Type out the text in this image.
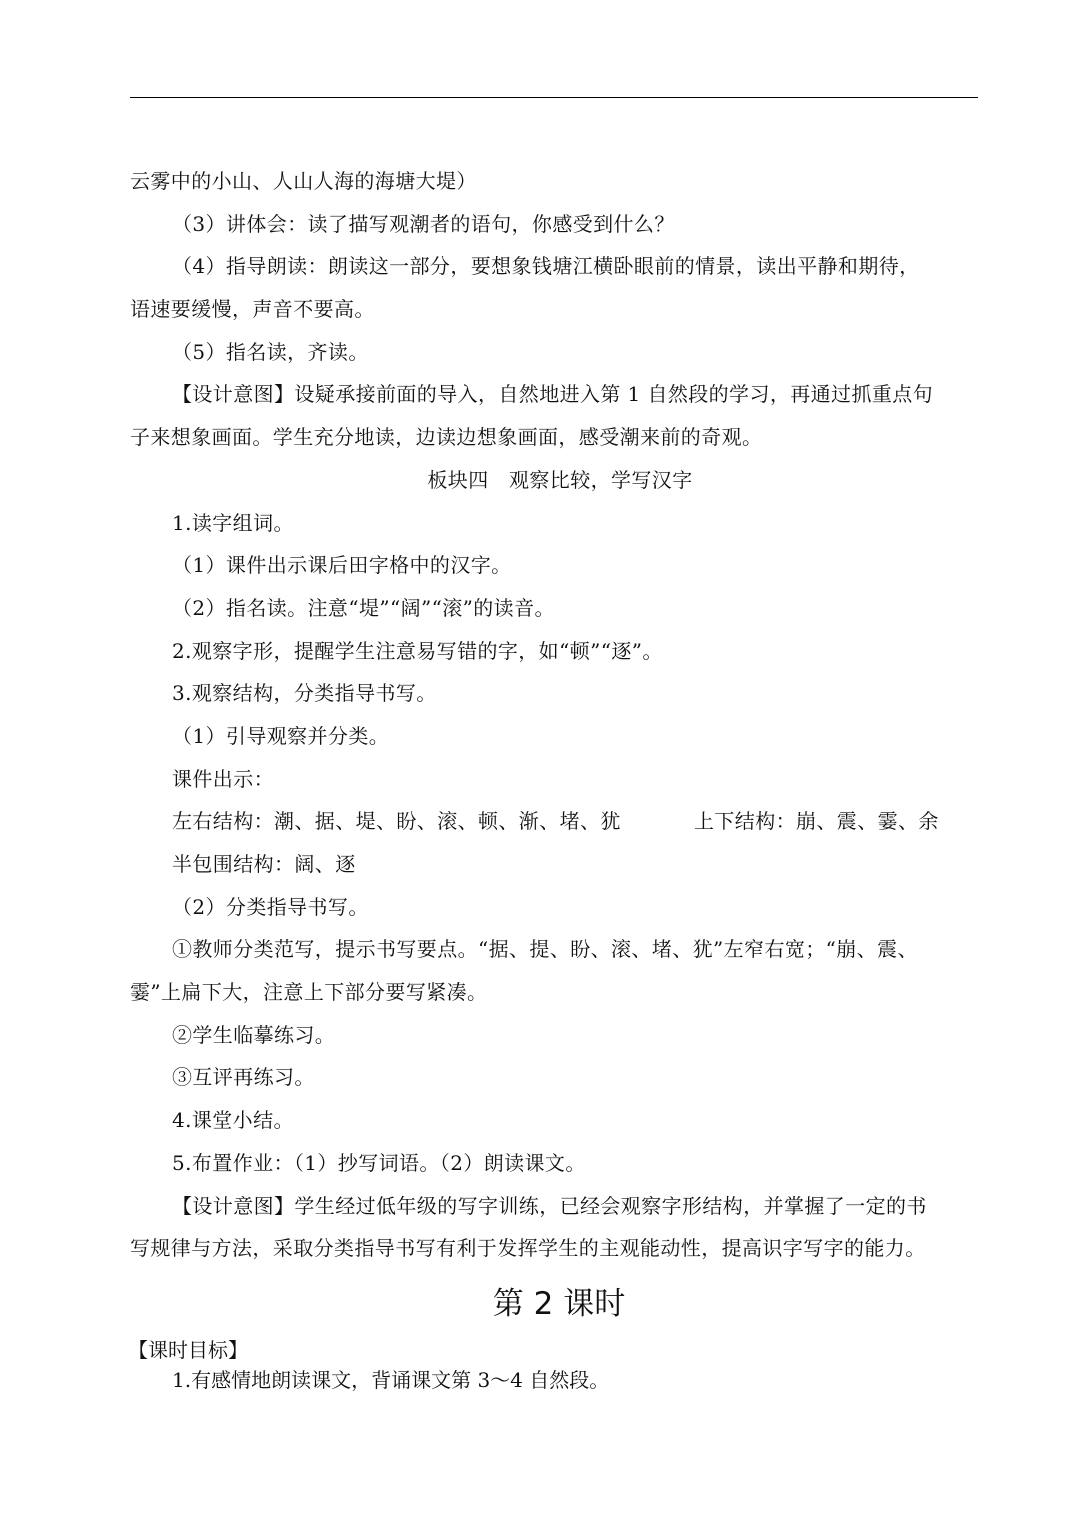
云雾中的小山、人山人海的海塘大堤）
（3）讲体会：读了描写观潮者的语句，你感受到什么？
（4）指导朗读：朗读这一部分，要想象钱塘江横卧眼前的情景，读出平静和期待，
语速要缓慢，声音不要高。
（5）指名读，齐读。
【设计意图】设疑承接前面的导入，自然地进入第 1 自然段的学习，再通过抓重点句
子来想象画面。学生充分地读，边读边想象画面，感受潮来前的奇观。
板块四　观察比较，学写汉字
1.读字组词。
（1）课件出示课后田字格中的汉字。
（2）指名读。注意“堤”“阔”“滚”的读音。
2.观察字形，提醒学生注意易写错的字，如“顿”“逐”。
3.观察结构，分类指导书写。
（1）引导观察并分类。
课件出示：
左右结构：潮、据、堤、盼、滚、顿、渐、堵、犹	上下结构：崩、震、霎、余
半包围结构：阔、逐
（2）分类指导书写。
①教师分类范写，提示书写要点。“据、提、盼、滚、堵、犹”左窄右宽；“崩、震、
霎”上扁下大，注意上下部分要写紧凑。
②学生临摹练习。
③互评再练习。
4.课堂小结。
5.布置作业：（1）抄写词语。（2）朗读课文。
【设计意图】学生经过低年级的写字训练，已经会观察字形结构，并掌握了一定的书
写规律与方法，采取分类指导书写有利于发挥学生的主观能动性，提高识字写字的能力。
第 2 课时
【课时目标】
1.有感情地朗读课文，背诵课文第 3～4 自然段。
